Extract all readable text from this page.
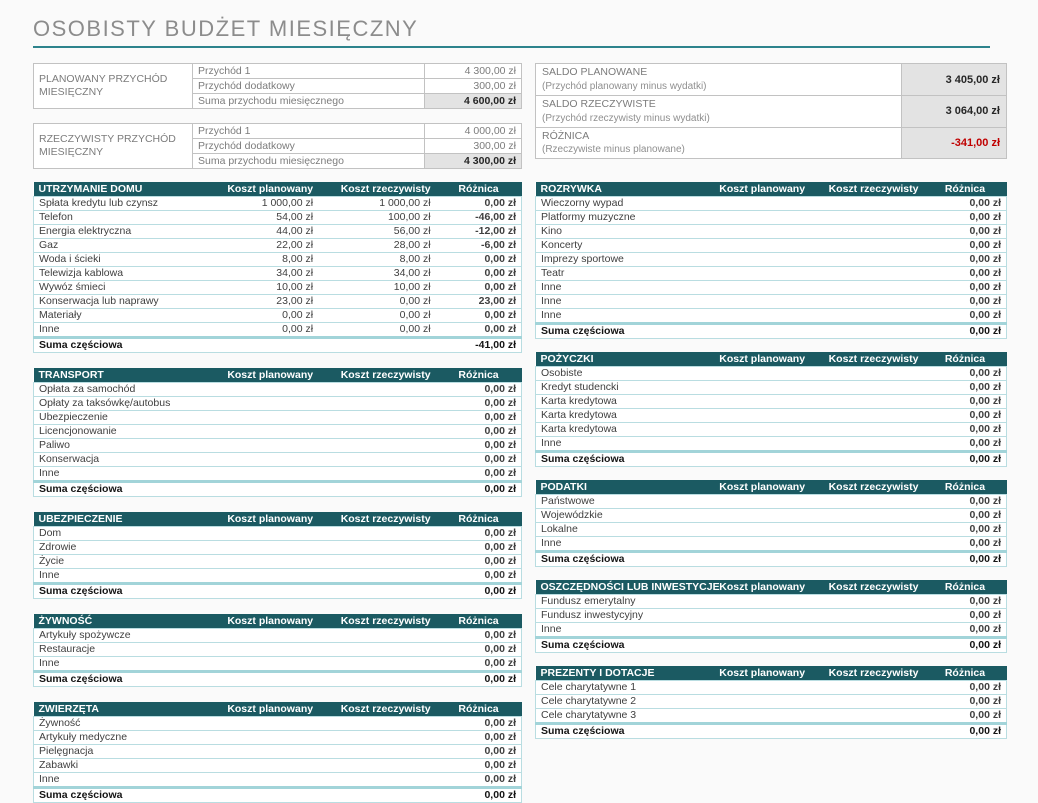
OSOBISTY BUDŻET MIESIĘCZNY
PLANOWANY PRZYCHÓD MIESIĘCZNY	Przychód 1	4 300,00 zł
	Przychód dodatkowy	300,00 zł
	Suma przychodu miesięcznego	4 600,00 zł
RZECZYWISTY PRZYCHÓD MIESIĘCZNY	Przychód 1	4 000,00 zł
	Przychód dodatkowy	300,00 zł
	Suma przychodu miesięcznego	4 300,00 zł
SALDO PLANOWANE
(Przychód planowany minus wydatki)	3 405,00 zł

SALDO RZECZYWISTE
(Przychód rzeczywisty minus wydatki)	3 064,00 zł

RÓŻNICA
(Rzeczywiste minus planowane)	-341,00 zł
UTRZYMANIE DOMU	Koszt planowany	Koszt rzeczywisty	Różnica
Spłata kredytu lub czynsz	1 000,00 zł	1 000,00 zł	0,00 zł
Telefon	54,00 zł	100,00 zł	-46,00 zł
Energia elektryczna	44,00 zł	56,00 zł	-12,00 zł
Gaz	22,00 zł	28,00 zł	-6,00 zł
Woda i ścieki	8,00 zł	8,00 zł	0,00 zł
Telewizja kablowa	34,00 zł	34,00 zł	0,00 zł
Wywóz śmieci	10,00 zł	10,00 zł	0,00 zł
Konserwacja lub naprawy	23,00 zł	0,00 zł	23,00 zł
Materiały	0,00 zł	0,00 zł	0,00 zł
Inne	0,00 zł	0,00 zł	0,00 zł
Suma częściowa			-41,00 zł
TRANSPORT	Koszt planowany	Koszt rzeczywisty	Różnica
Opłata za samochód			0,00 zł
Opłaty za taksówkę/autobus			0,00 zł
Ubezpieczenie			0,00 zł
Licencjonowanie			0,00 zł
Paliwo			0,00 zł
Konserwacja			0,00 zł
Inne			0,00 zł
Suma częściowa			0,00 zł
UBEZPIECZENIE	Koszt planowany	Koszt rzeczywisty	Różnica
Dom			0,00 zł
Zdrowie			0,00 zł
Życie			0,00 zł
Inne			0,00 zł
Suma częściowa			0,00 zł
ŻYWNOŚĆ	Koszt planowany	Koszt rzeczywisty	Różnica
Artykuły spożywcze			0,00 zł
Restauracje			0,00 zł
Inne			0,00 zł
Suma częściowa			0,00 zł
ZWIERZĘTA	Koszt planowany	Koszt rzeczywisty	Różnica
Żywność			0,00 zł
Artykuły medyczne			0,00 zł
Pielęgnacja			0,00 zł
Zabawki			0,00 zł
Inne			0,00 zł
Suma częściowa			0,00 zł
ROZRYWKA	Koszt planowany	Koszt rzeczywisty	Różnica
Wieczorny wypad			0,00 zł
Platformy muzyczne			0,00 zł
Kino			0,00 zł
Koncerty			0,00 zł
Imprezy sportowe			0,00 zł
Teatr			0,00 zł
Inne			0,00 zł
Inne			0,00 zł
Inne			0,00 zł
Suma częściowa			0,00 zł
POŻYCZKI	Koszt planowany	Koszt rzeczywisty	Różnica
Osobiste			0,00 zł
Kredyt studencki			0,00 zł
Karta kredytowa			0,00 zł
Karta kredytowa			0,00 zł
Karta kredytowa			0,00 zł
Inne			0,00 zł
Suma częściowa			0,00 zł
PODATKI	Koszt planowany	Koszt rzeczywisty	Różnica
Państwowe			0,00 zł
Wojewódzkie			0,00 zł
Lokalne			0,00 zł
Inne			0,00 zł
Suma częściowa			0,00 zł
OSZCZĘDNOŚCI LUB INWESTYCJE	Koszt planowany	Koszt rzeczywisty	Różnica
Fundusz emerytalny			0,00 zł
Fundusz inwestycyjny			0,00 zł
Inne			0,00 zł
Suma częściowa			0,00 zł
PREZENTY I DOTACJE	Koszt planowany	Koszt rzeczywisty	Różnica
Cele charytatywne 1			0,00 zł
Cele charytatywne 2			0,00 zł
Cele charytatywne 3			0,00 zł
Suma częściowa			0,00 zł
